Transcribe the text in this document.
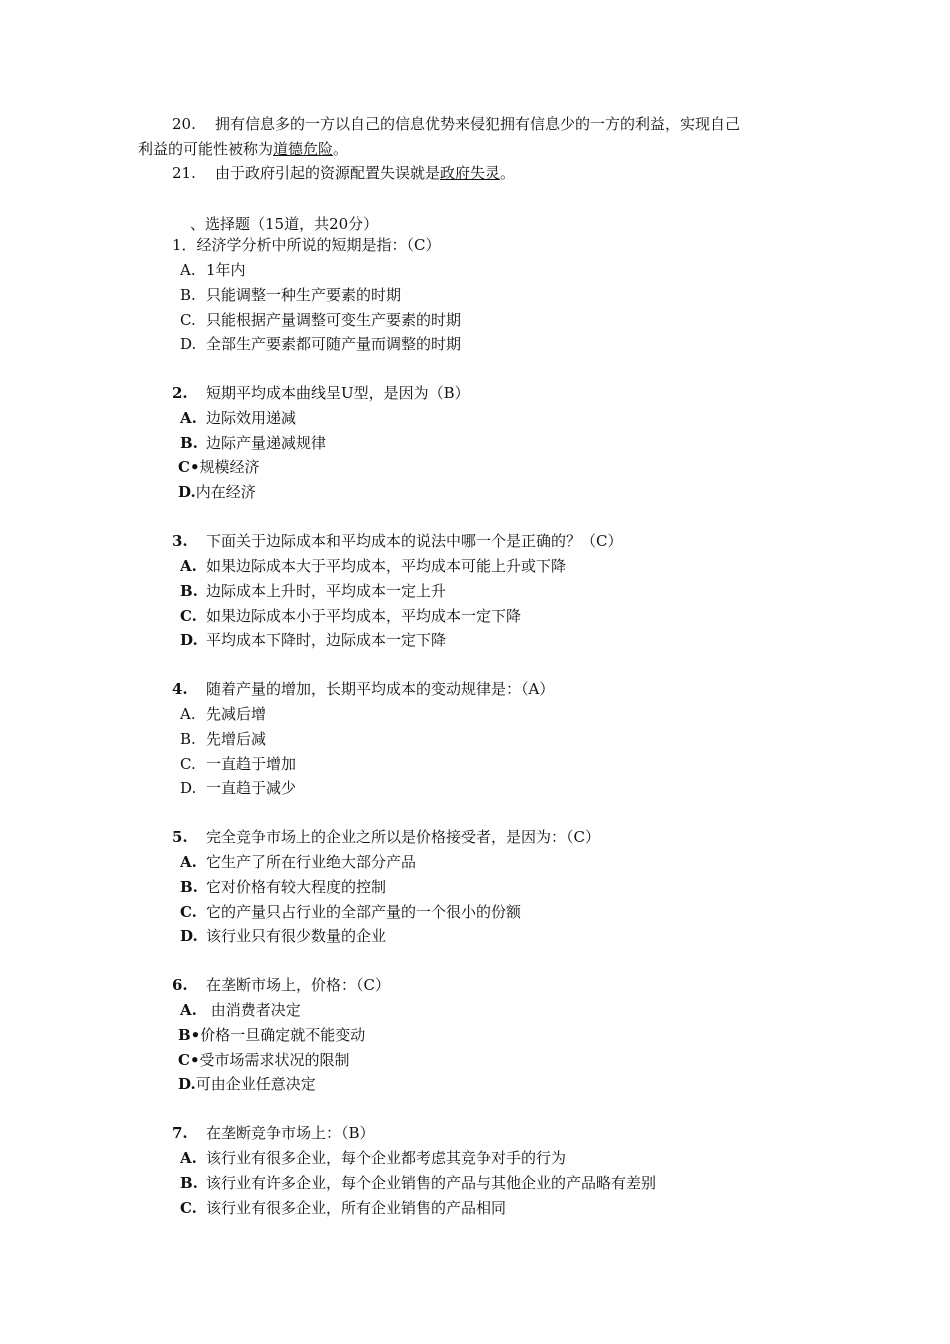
20. 拥有信息多的一方以自己的信息优势来侵犯拥有信息少的一方的利益，实现自己
利益的可能性被称为道德危险。
21. 由于政府引起的资源配置失误就是政府失灵。
、选择题（15道，共20分）
1．经济学分析中所说的短期是指：（C）
A. 1年内
B. 只能调整一种生产要素的时期
C. 只能根据产量调整可变生产要素的时期
D. 全部生产要素都可随产量而调整的时期
2. 短期平均成本曲线呈U型，是因为（B）
A. 边际效用递减
B. 边际产量递减规律
C•规模经济
D.内在经济
3. 下面关于边际成本和平均成本的说法中哪一个是正确的？（C）
A. 如果边际成本大于平均成本，平均成本可能上升或下降
B. 边际成本上升时，平均成本一定上升
C. 如果边际成本小于平均成本，平均成本一定下降
D. 平均成本下降时，边际成本一定下降
4. 随着产量的增加，长期平均成本的变动规律是：（A）
A. 先减后增
B. 先增后减
C. 一直趋于增加
D. 一直趋于减少
5. 完全竞争市场上的企业之所以是价格接受者，是因为：（C）
A. 它生产了所在行业绝大部分产品
B. 它对价格有较大程度的控制
C. 它的产量只占行业的全部产量的一个很小的份额
D. 该行业只有很少数量的企业
6. 在垄断市场上，价格：（C）
A. 由消费者决定
B•价格一旦确定就不能变动
C•受市场需求状况的限制
D.可由企业任意决定
7. 在垄断竞争市场上：（B）
A. 该行业有很多企业，每个企业都考虑其竞争对手的行为
B. 该行业有许多企业，每个企业销售的产品与其他企业的产品略有差别
C. 该行业有很多企业，所有企业销售的产品相同
